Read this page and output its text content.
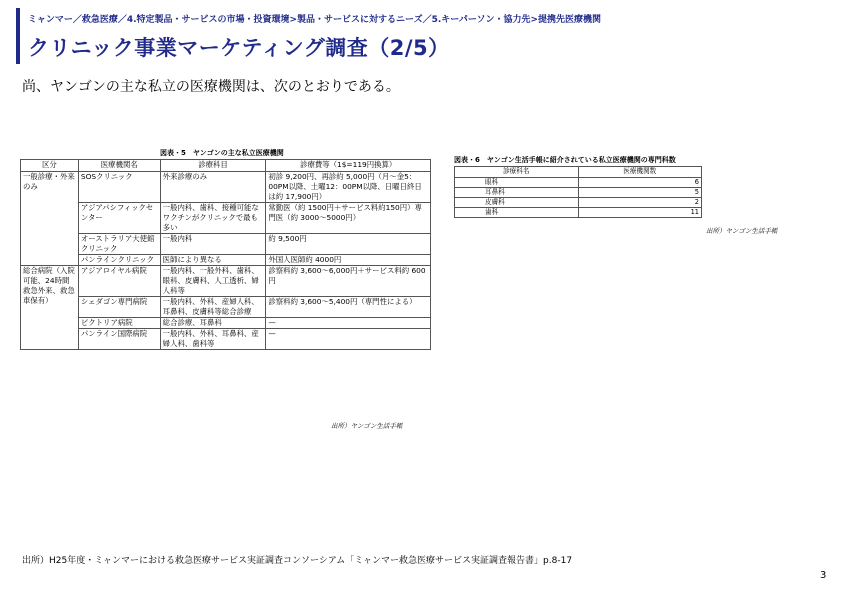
ミャンマー／救急医療／4.特定製品・サービスの市場・投資環境>製品・サービスに対するニーズ／5.キーパーソン・協力先>提携先医療機関
クリニック事業マーケティング調査（2/5）
尚、ヤンゴンの主な私立の医療機関は、次のとおりである。
図表・5　ヤンゴンの主な私立医療機関
区分	医療機関名	診療科目	診療費等（1$=119円換算）
一般診療・外来のみ	SOSクリニック	外来診療のみ	初診 9,200円、再診約 5,000円（月〜金5：00PM以降、土曜12：00PM以降、日曜日終日は約 17,900円）
	アジアパシフィックセンター	一般内科、歯科、接種可能なワクチンがクリニックで最も多い	常勤医（約 1500円＋サービス料約150円）専門医（約 3000〜5000円）
	オーストラリア大使館クリニック	一般内科	約 9,500円
	パンラインクリニック	医師により異なる	外国人医師約 4000円
総合病院（入院可能、24時間救急外来、救急車保有）	アジアロイヤル病院	一般内科、一般外科、歯科、眼科、皮膚科、人工透析、婦人科等	診察料約 3,600〜6,000円＋サービス料約 600円
	シェダゴン専門病院	一般内科、外科、産婦人科、耳鼻科、皮膚科等総合診療	診察料約 3,600〜5,400円（専門性による）
	ビクトリア病院	総合診療、耳鼻科	—
	パンライン国際病院	一般内科、外科、耳鼻科、産婦人科、歯科等	—
出所）ヤンゴン生活手帳
図表・6　ヤンゴン生活手帳に紹介されている私立医療機関の専門科数
診療科名	医療機関数
眼科	6
耳鼻科	5
皮膚科	2
歯科	11
出所）ヤンゴン生活手帳
出所）H25年度・ミャンマーにおける救急医療サービス実証調査コンソーシアム「ミャンマー救急医療サービス実証調査報告書」p.8-17
3
